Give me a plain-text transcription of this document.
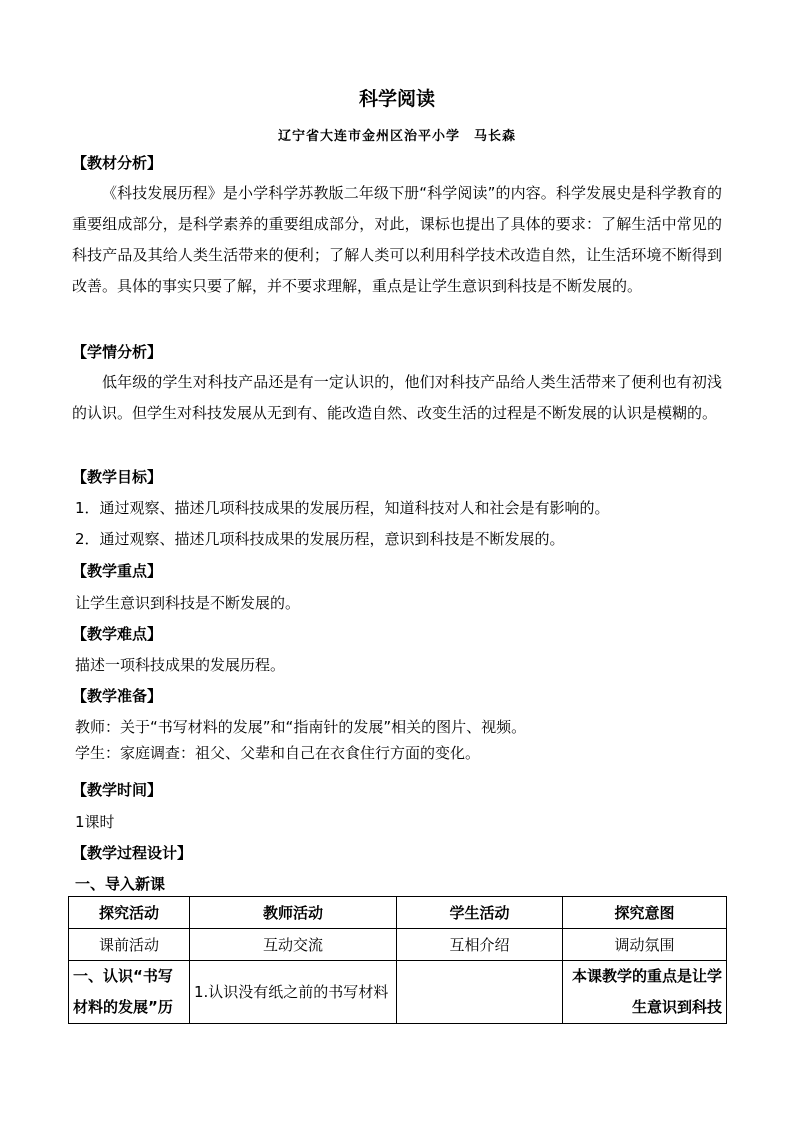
科学阅读
辽宁省大连市金州区治平小学　马长森
【教材分析】

《科技发展历程》是小学科学苏教版二年级下册“科学阅读”的内容。科学发展史是科学教育的重要组成部分，是科学素养的重要组成部分，对此，课标也提出了具体的要求：了解生活中常见的科技产品及其给人类生活带来的便利；了解人类可以利用科学技术改造自然，让生活环境不断得到改善。具体的事实只要了解，并不要求理解，重点是让学生意识到科技是不断发展的。

【学情分析】

低年级的学生对科技产品还是有一定认识的，他们对科技产品给人类生活带来了便利也有初浅的认识。但学生对科技发展从无到有、能改造自然、改变生活的过程是不断发展的认识是模糊的。

【教学目标】
1．通过观察、描述几项科技成果的发展历程，知道科技对人和社会是有影响的。
2．通过观察、描述几项科技成果的发展历程，意识到科技是不断发展的。
【教学重点】
让学生意识到科技是不断发展的。
【教学难点】
描述一项科技成果的发展历程。
【教学准备】
教师：关于“书写材料的发展”和“指南针的发展”相关的图片、视频。
学生：家庭调查：祖父、父辈和自己在衣食住行方面的变化。
【教学时间】
1课时
【教学过程设计】
一、导入新课
探究活动	教师活动	学生活动	探究意图
课前活动	互动交流	互相介绍	调动氛围
一、认识“书写材料的发展”历	1.认识没有纸之前的书写材料		本课教学的重点是让学生意识到科技
